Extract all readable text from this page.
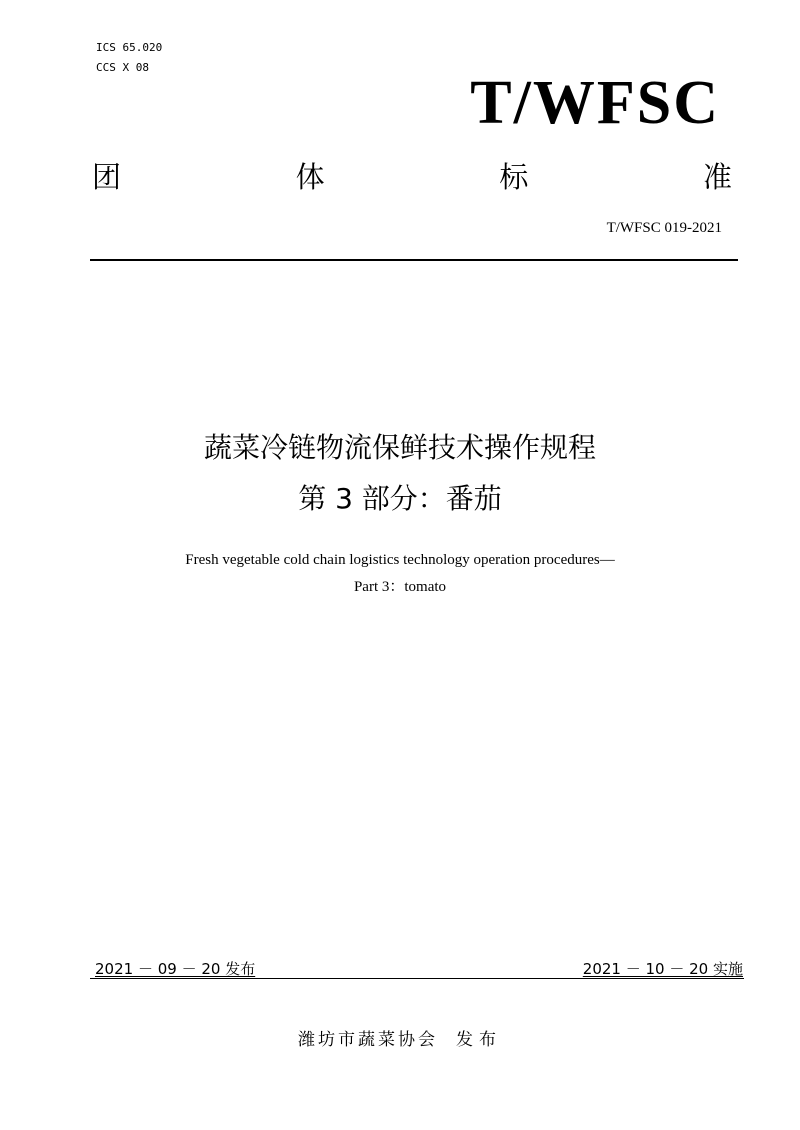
ICS 65.020
CCS X 08
T/WFSC
团	体	标	准
T/WFSC 019-2021
蔬菜冷链物流保鲜技术操作规程
第 3 部分：番茄
Fresh vegetable cold chain logistics technology operation procedures—
Part 3：tomato
2021 － 09 － 20 发布	2021 － 10 － 20 实施
潍坊市蔬菜协会 发布
